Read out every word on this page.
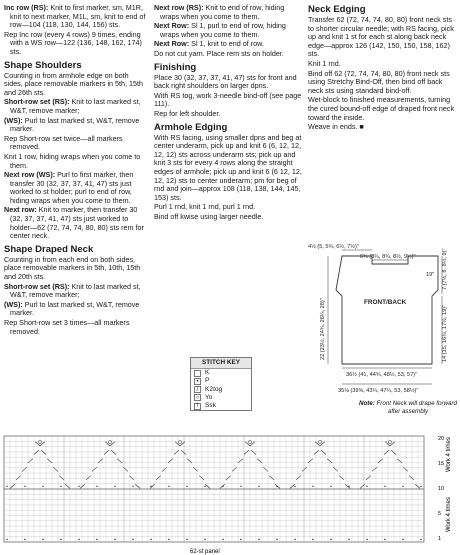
Inc row (RS): Knit to first marker, sm, M1R, knit to next marker, M1L, sm, knit to end of row—104 (118, 130, 144, 156) sts.

Rep Inc row (every 4 rows) 9 times, ending with a WS row—122 (136, 148, 162, 174) sts.

Shape Shoulders

Counting in from armhole edge on both sides, place removable markers in 5th, 15th and 26th sts.

Short-row set (RS): Knit to last marked st, W&T, remove marker;

(WS): Purl to last marked st, W&T, remove marker.

Rep Short-row set twice—all markers removed.

Knit 1 row, hiding wraps when you come to them.

Next row (WS): Purl to first marker, then transfer 30 (32, 37, 37, 41, 47) sts just worked to st holder; purl to end of row, hiding wraps when you come to them.

Next row: Knit to marker, then transfer 30 (32, 37, 37, 41, 47) sts just worked to holder—62 (72, 74, 74, 80, 80) sts rem for center neck.

Shape Draped Neck

Counting in from each end on both sides, place removable markers in 5th, 10th, 15th and 20th sts.

Short-row set (RS): Knit to last marked st, W&T, remove marker;

(WS): Purl to last marked st, W&T, remove marker.

Rep Short-row set 3 times—all markers removed.

Next row (RS): Knit to end of row, hiding wraps when you come to them.

Next Row: Sl 1, purl to end of row, hiding wraps when you come to them.

Next Row: Sl 1, knit to end of row.

Do not cut yarn. Place rem sts on holder.

Finishing

Place 30 (32, 37, 37, 41, 47) sts for front and back right shoulders on larger dpns.

With RS tog, work 3-needle bind-off (see page 111).

Rep for left shoulder.

Armhole Edging

With RS facing, using smaller dpns and beg at center underarm, pick up and knit 6 (6, 12, 12, 12, 12) sts across underarm sts; pick up and knit 3 sts for every 4 rows along the straight edges of armhole; pick up and knit 6 (6 12, 12, 12, 12) sts to center underarm; pm for beg of rnd and join—approx 108 (118, 138, 144, 145, 153) sts.

Purl 1 rnd, knit 1 rnd, purl 1 rnd.

Bind off kwise using larger needle.

Neck Edging

Transfer 62 (72, 74, 74, 80, 80) front neck sts to shorter circular needle; with RS facing, pick up and knit 1 st for each st along back neck edge—approx 126 (142, 150, 150, 158, 162) sts.

Knit 1 rnd.

Bind off 62 (72, 74, 74, 80, 80) front neck sts using Stretchy Bind-Off, then bind off back neck sts using standard bind-off.

Wet-block to finished measurements, turning the cured bound-off edge of draped front neck toward the inside.

Weave in ends. ■

4½ (5, 5¾, 6½, 7½)"
6¾ (8¼, 8¼, 8½, 9½)"	7 (7½, 8, 8½, 9)"
19"
14 (15, 16¼, 17½, 19)"
22 (23½, 24¾, 26¼, 28)"	FRONT/BACK
36½ (41, 44¾, 48½, 53, 57)"
35⅛ (39⅝, 43¼, 47¼, 53, 58½)"
Note: Front Neck will drape forward after assembly
STITCH KEY
K
• P
/	K2tog
○ Yo
\	Ssk
62-st panel
Work 4 times
Work 4 times
20
15
10
5
1
